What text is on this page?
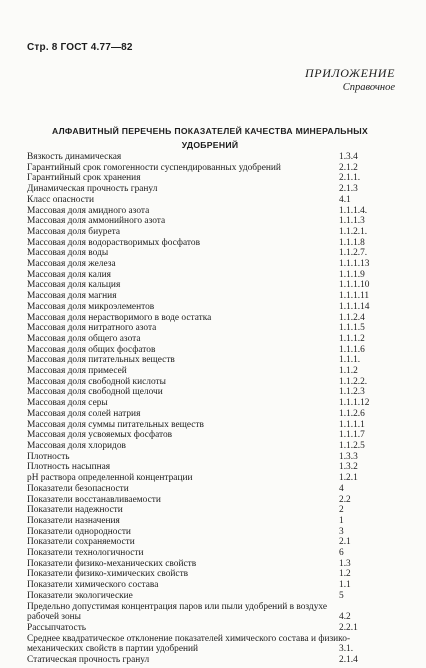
Стр. 8 ГОСТ 4.77—82
ПРИЛОЖЕНИЕ
Справочное
АЛФАВИТНЫЙ ПЕРЕЧЕНЬ ПОКАЗАТЕЛЕЙ КАЧЕСТВА МИНЕРАЛЬНЫХ
УДОБРЕНИЙ
Вязкость динамическая	1.3.4
Гарантийный срок гомогенности суспендированных удобрений	2.1.2
Гарантийный срок хранения	2.1.1.
Динамическая прочность гранул	2.1.3
Класс опасности	4.1
Массовая доля амидного азота	1.1.1.4.
Массовая доля аммонийного азота	1.1.1.3
Массовая доля биурета	1.1.2.1.
Массовая доля водорастворимых фосфатов	1.1.1.8
Массовая доля воды	1.1.2.7.
Массовая доля железа	1.1.1.13
Массовая доля калия	1.1.1.9
Массовая доля кальция	1.1.1.10
Массовая доля магния	1.1.1.11
Массовая доля микроэлементов	1.1.1.14
Массовая доля нерастворимого в воде остатка	1.1.2.4
Массовая доля нитратного азота	1.1.1.5
Массовая доля общего азота	1.1.1.2
Массовая доля общих фосфатов	1.1.1.6
Массовая доля питательных веществ	1.1.1.
Массовая доля примесей	1.1.2
Массовая доля свободной кислоты	1.1.2.2.
Массовая доля свободной щелочи	1.1.2.3
Массовая доля серы	1.1.1.12
Массовая доля солей натрия	1.1.2.6
Массовая доля суммы питательных веществ	1.1.1.1
Массовая доля усвояемых фосфатов	1.1.1.7
Массовая доля хлоридов	1.1.2.5
Плотность	1.3.3
Плотность насыпная	1.3.2
pH раствора определенной концентрации	1.2.1
Показатели безопасности	4
Показатели восстанавливаемости	2.2
Показатели надежности	2
Показатели назначения	1
Показатели однородности	3
Показатели сохраняемости	2.1
Показатели технологичности	6
Показатели физико-механических свойств	1.3
Показатели физико-химических свойств	1.2
Показатели химического состава	1.1
Показатели экологические	5
Предельно допустимая концентрация паров или пыли удобрений в воздухе рабочей зоны	4.2
Рассыпчатость	2.2.1
Среднее квадратическое отклонение показателей химического состава и физико-механических свойств в партии удобрений	3.1.
Статическая прочность гранул	2.1.4
